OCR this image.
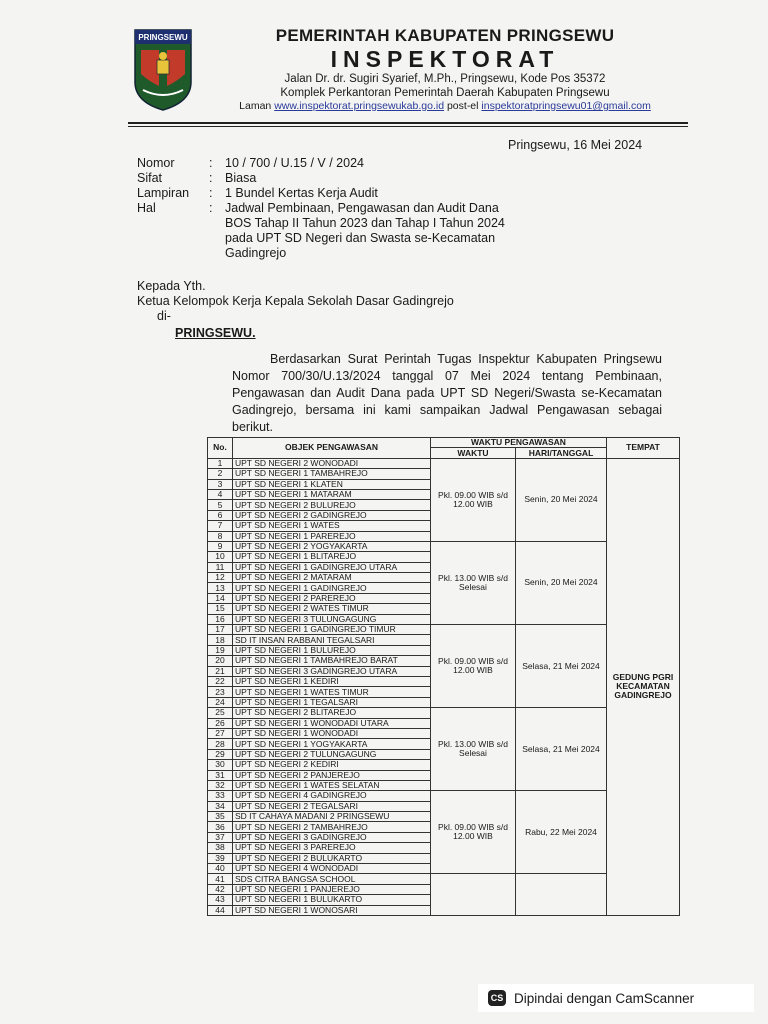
PRINGSEWU	PEMERINTAH KABUPATEN PRINGSEWU
INSPEKTORAT
Jalan Dr. dr. Sugiri Syarief, M.Ph., Pringsewu, Kode Pos 35372
Komplek Perkantoran Pemerintah Daerah Kabupaten Pringsewu
Laman www.inspektorat.pringsewukab.go.id post-el inspektoratpringsewu01@gmail.com
Pringsewu, 16 Mei 2024
Nomor	:	10 / 700 / U.15 / V / 2024
Sifat	:	Biasa
Lampiran	:	1 Bundel Kertas Kerja Audit
Hal	:	Jadwal Pembinaan, Pengawasan dan Audit Dana BOS Tahap II Tahun 2023 dan Tahap I Tahun 2024 pada UPT SD Negeri dan Swasta se-Kecamatan Gadingrejo
Kepada Yth.
Ketua Kelompok Kerja Kepala Sekolah Dasar Gadingrejo
di-
PRINGSEWU.
Berdasarkan Surat Perintah Tugas Inspektur Kabupaten Pringsewu Nomor 700/30/U.13/2024 tanggal 07 Mei 2024 tentang Pembinaan, Pengawasan dan Audit Dana pada UPT SD Negeri/Swasta se-Kecamatan Gadingrejo, bersama ini kami sampaikan Jadwal Pengawasan sebagai berikut.
No.	OBJEK PENGAWASAN	WAKTU PENGAWASAN		TEMPAT
		WAKTU	HARI/TANGGAL	
1	UPT SD NEGERI 2 WONODADI	Pkl. 09.00 WIB s/d 12.00 WIB	Senin, 20 Mei 2024	GEDUNG PGRI KECAMATAN GADINGREJO
2	UPT SD NEGERI 1 TAMBAHREJO			
3	UPT SD NEGERI 1 KLATEN			
4	UPT SD NEGERI 1 MATARAM			
5	UPT SD NEGERI 2 BULUREJO			
6	UPT SD NEGERI 2 GADINGREJO			
7	UPT SD NEGERI 1 WATES			
8	UPT SD NEGERI 1 PAREREJO			
9	UPT SD NEGERI 2 YOGYAKARTA	Pkl. 13.00 WIB s/d Selesai	Senin, 20 Mei 2024	
10	UPT SD NEGERI 1 BLITAREJO			
11	UPT SD NEGERI 1 GADINGREJO UTARA			
12	UPT SD NEGERI 2 MATARAM			
13	UPT SD NEGERI 1 GADINGREJO			
14	UPT SD NEGERI 2 PAREREJO			
15	UPT SD NEGERI 2 WATES TIMUR			
16	UPT SD NEGERI 3 TULUNGAGUNG			
17	UPT SD NEGERI 1 GADINGREJO TIMUR	Pkl. 09.00 WIB s/d 12.00 WIB	Selasa, 21 Mei 2024	
18	SD IT INSAN RABBANI TEGALSARI			
19	UPT SD NEGERI 1 BULUREJO			
20	UPT SD NEGERI 1 TAMBAHREJO BARAT			
21	UPT SD NEGERI 3 GADINGREJO UTARA			
22	UPT SD NEGERI 1 KEDIRI			
23	UPT SD NEGERI 1 WATES TIMUR			
24	UPT SD NEGERI 1 TEGALSARI			
25	UPT SD NEGERI 2 BLITAREJO	Pkl. 13.00 WIB s/d Selesai	Selasa, 21 Mei 2024	
26	UPT SD NEGERI 1 WONODADI UTARA			
27	UPT SD NEGERI 1 WONODADI			
28	UPT SD NEGERI 1 YOGYAKARTA			
29	UPT SD NEGERI 2 TULUNGAGUNG			
30	UPT SD NEGERI 2 KEDIRI			
31	UPT SD NEGERI 2 PANJEREJO			
32	UPT SD NEGERI 1 WATES SELATAN			
33	UPT SD NEGERI 4 GADINGREJO	Pkl. 09.00 WIB s/d 12.00 WIB	Rabu, 22 Mei 2024	
34	UPT SD NEGERI 2 TEGALSARI			
35	SD IT CAHAYA MADANI 2 PRINGSEWU			
36	UPT SD NEGERI 2 TAMBAHREJO			
37	UPT SD NEGERI 3 GADINGREJO			
38	UPT SD NEGERI 3 PAREREJO			
39	UPT SD NEGERI 2 BULUKARTO			
40	UPT SD NEGERI 4 WONODADI			
41	SDS CITRA BANGSA SCHOOL			
42	UPT SD NEGERI 1 PANJEREJO			
43	UPT SD NEGERI 1 BULUKARTO			
44	UPT SD NEGERI 1 WONOSARI			
CS Dipindai dengan CamScanner
